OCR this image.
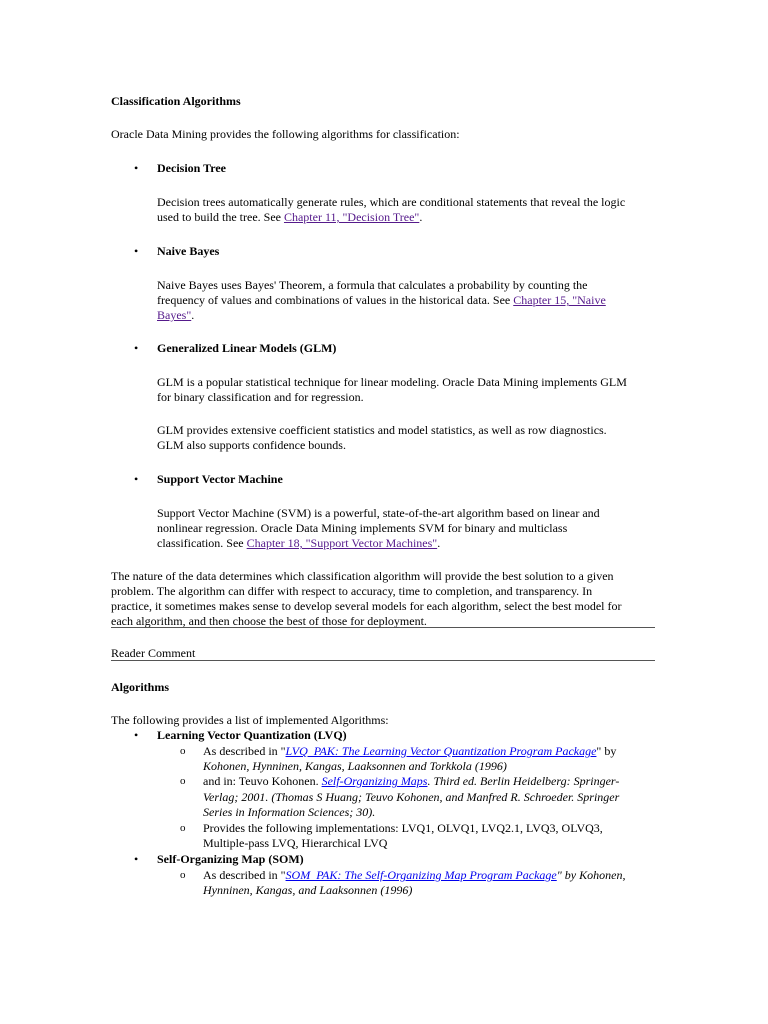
Classification Algorithms
Oracle Data Mining provides the following algorithms for classification:
• Decision Tree
Decision trees automatically generate rules, which are conditional statements that reveal the logic
used to build the tree. See Chapter 11, "Decision Tree".
• Naive Bayes
Naive Bayes uses Bayes' Theorem, a formula that calculates a probability by counting the
frequency of values and combinations of values in the historical data. See Chapter 15, "Naive
Bayes".
• Generalized Linear Models (GLM)
GLM is a popular statistical technique for linear modeling. Oracle Data Mining implements GLM
for binary classification and for regression.
GLM provides extensive coefficient statistics and model statistics, as well as row diagnostics.
GLM also supports confidence bounds.
• Support Vector Machine
Support Vector Machine (SVM) is a powerful, state-of-the-art algorithm based on linear and
nonlinear regression. Oracle Data Mining implements SVM for binary and multiclass
classification. See Chapter 18, "Support Vector Machines".
The nature of the data determines which classification algorithm will provide the best solution to a given
problem. The algorithm can differ with respect to accuracy, time to completion, and transparency. In
practice, it sometimes makes sense to develop several models for each algorithm, select the best model for
each algorithm, and then choose the best of those for deployment.
Reader Comment
Algorithms
The following provides a list of implemented Algorithms:
• Learning Vector Quantization (LVQ)
o As described in "LVQ_PAK: The Learning Vector Quantization Program Package" by
Kohonen, Hynninen, Kangas, Laaksonnen and Torkkola (1996)
o and in: Teuvo Kohonen. Self-Organizing Maps. Third ed. Berlin Heidelberg: Springer-
Verlag; 2001. (Thomas S Huang; Teuvo Kohonen, and Manfred R. Schroeder. Springer
Series in Information Sciences; 30).
o Provides the following implementations: LVQ1, OLVQ1, LVQ2.1, LVQ3, OLVQ3,
Multiple-pass LVQ, Hierarchical LVQ
• Self-Organizing Map (SOM)
o As described in "SOM_PAK: The Self-Organizing Map Program Package" by Kohonen,
Hynninen, Kangas, and Laaksonnen (1996)
